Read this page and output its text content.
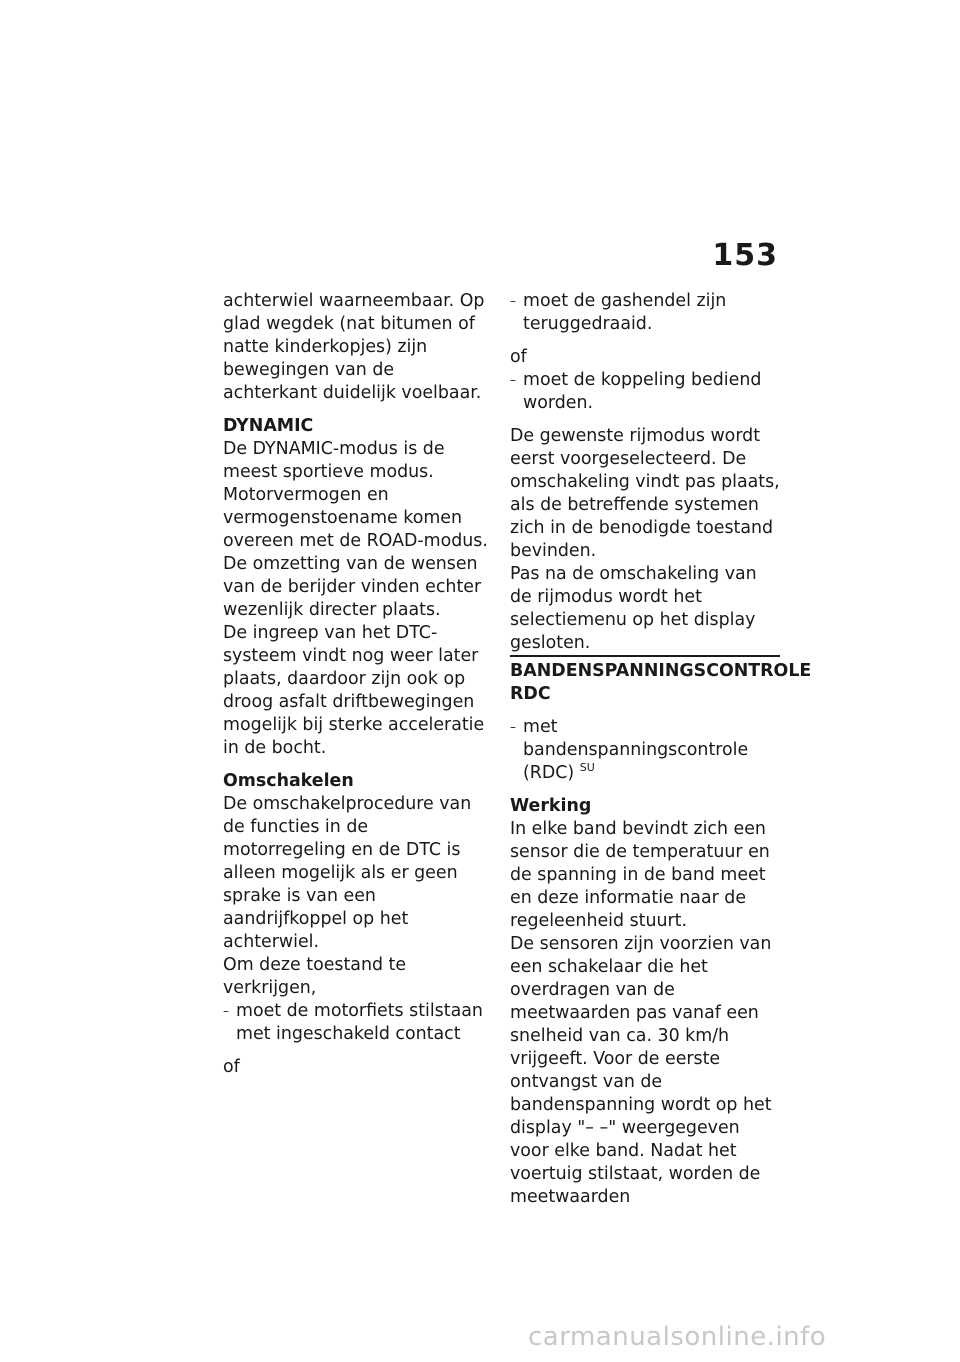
153

achterwiel waarneembaar. Op glad wegdek (nat bitumen of natte kinderkopjes) zijn bewegingen van de achterkant duidelijk voelbaar.

DYNAMIC

De DYNAMIC-modus is de meest sportieve modus.

Motorvermogen en vermogenstoename komen overeen met de ROAD-modus. De omzetting van de wensen van de berijder vinden echter wezenlijk directer plaats.

De ingreep van het DTC-systeem vindt nog weer later plaats, daardoor zijn ook op droog asfalt driftbewegingen mogelijk bij sterke acceleratie in de bocht.

Omschakelen

De omschakelprocedure van de functies in de motorregeling en de DTC is alleen mogelijk als er geen sprake is van een aandrijfkoppel op het achterwiel.

Om deze toestand te verkrijgen,

– moet de motorfiets stilstaan met ingeschakeld contact

of

– moet de gashendel zijn teruggedraaid.

of

– moet de koppeling bediend worden.

De gewenste rijmodus wordt eerst voorgeselecteerd. De omschakeling vindt pas plaats, als de betreffende systemen zich in de benodigde toestand bevinden.

Pas na de omschakeling van de rijmodus wordt het selectiemenu op het display gesloten.

BANDENSPANNINGSCONTROLE RDC

– met bandenspanningscontrole (RDC) $^{SU}$

Werking

In elke band bevindt zich een sensor die de temperatuur en de spanning in de band meet en deze informatie naar de regeleenheid stuurt.

De sensoren zijn voorzien van een schakelaar die het overdragen van de meetwaarden pas vanaf een snelheid van ca. 30 km/h vrijgeeft. Voor de eerste ontvangst van de bandenspanning wordt op het display "– –" weergegeven voor elke band. Nadat het voertuig stilstaat, worden de meetwaarden

carmanualsonline.info
